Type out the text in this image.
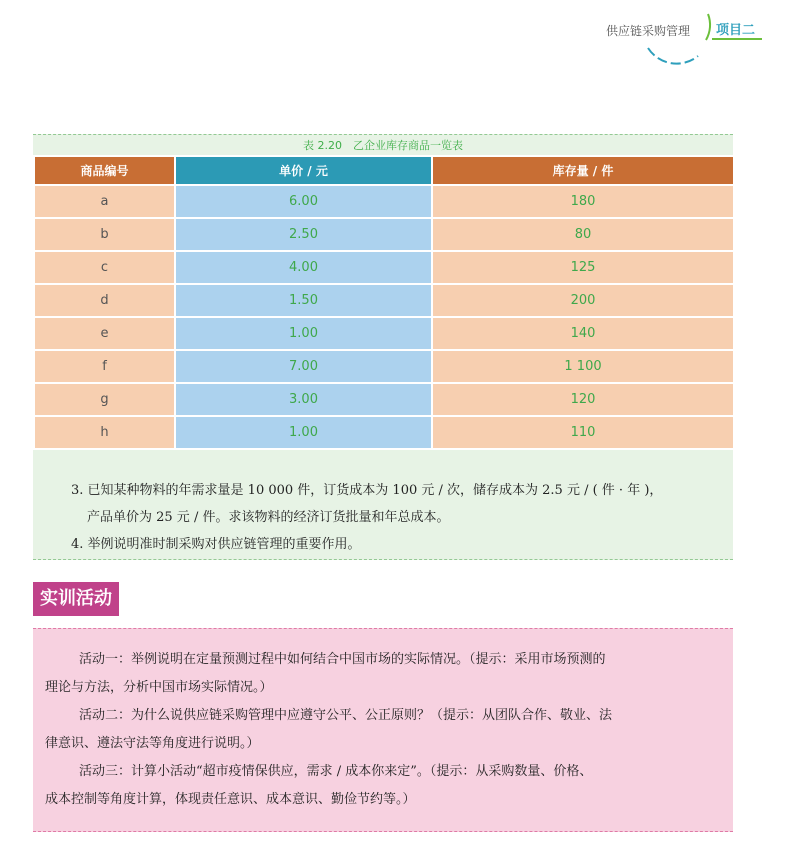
供应链采购管理 项目二
表 2.20　乙企业库存商品一览表
商品编号	单价 / 元	库存量 / 件
a	6.00	180
b	2.50	80
c	4.00	125
d	1.50	200
e	1.00	140
f	7.00	1 100
g	3.00	120
h	1.00	110
3. 已知某种物料的年需求量是 10 000 件，订货成本为 100 元 / 次，储存成本为 2.5 元 / ( 件 · 年 )，
产品单价为 25 元 / 件。求该物料的经济订货批量和年总成本。
4. 举例说明准时制采购对供应链管理的重要作用。
实训活动
活动一：举例说明在定量预测过程中如何结合中国市场的实际情况。（提示：采用市场预测的
理论与方法，分析中国市场实际情况。）
活动二：为什么说供应链采购管理中应遵守公平、公正原则？（提示：从团队合作、敬业、法
律意识、遵法守法等角度进行说明。）
活动三：计算小活动“超市疫情保供应，需求 / 成本你来定”。（提示：从采购数量、价格、
成本控制等角度计算，体现责任意识、成本意识、勤俭节约等。）
